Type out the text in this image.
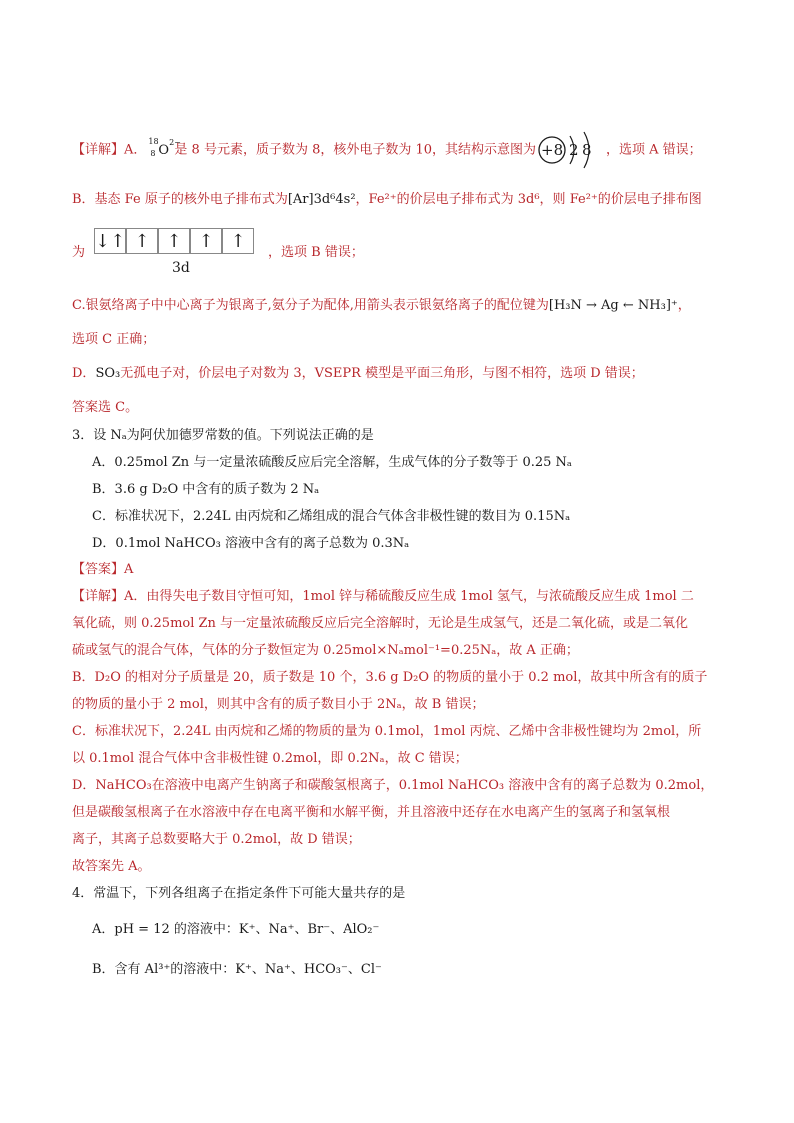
【详解】A．
18
8 O
2−
是 8 号元素，质子数为 8，核外电子数为 10，其结构示意图为 +8 2 8 ，选项 A 错误；
B．基态 Fe 原子的核外电子排布式为[Ar]3d⁶4s²，Fe²⁺的价层电子排布式为 3d⁶，则 Fe²⁺的价层电子排布图
为
↓↑ ↑ ↑ ↑ ↑
3d
，选项 B 错误；
C.银氨络离子中中心离子为银离子,氨分子为配体,用箭头表示银氨络离子的配位键为[H₃N → Ag ← NH₃]⁺，
选项 C 正确；
D．SO₃无孤电子对，价层电子对数为 3，VSEPR 模型是平面三角形，与图不相符，选项 D 错误；
答案选 C。
3．设 Nₐ为阿伏加德罗常数的值。下列说法正确的是
A．0.25mol Zn 与一定量浓硫酸反应后完全溶解，生成气体的分子数等于 0.25 Nₐ
B．3.6 g D₂O 中含有的质子数为 2 Nₐ
C．标准状况下，2.24L 由丙烷和乙烯组成的混合气体含非极性键的数目为 0.15Nₐ
D．0.1mol NaHCO₃ 溶液中含有的离子总数为 0.3Nₐ
【答案】A
【详解】A．由得失电子数目守恒可知，1mol 锌与稀硫酸反应生成 1mol 氢气，与浓硫酸反应生成 1mol 二
氧化硫，则 0.25mol Zn 与一定量浓硫酸反应后完全溶解时，无论是生成氢气，还是二氧化硫，或是二氧化
硫或氢气的混合气体，气体的分子数恒定为 0.25mol×Nₐmol⁻¹=0.25Nₐ，故 A 正确；
B．D₂O 的相对分子质量是 20，质子数是 10 个，3.6 g D₂O 的物质的量小于 0.2 mol，故其中所含有的质子
的物质的量小于 2 mol，则其中含有的质子数目小于 2Nₐ，故 B 错误；
C．标准状况下，2.24L 由丙烷和乙烯的物质的量为 0.1mol，1mol 丙烷、乙烯中含非极性键均为 2mol，所
以 0.1mol 混合气体中含非极性键 0.2mol，即 0.2Nₐ，故 C 错误；
D．NaHCO₃在溶液中电离产生钠离子和碳酸氢根离子，0.1mol NaHCO₃ 溶液中含有的离子总数为 0.2mol，
但是碳酸氢根离子在水溶液中存在电离平衡和水解平衡，并且溶液中还存在水电离产生的氢离子和氢氧根
离子，其离子总数要略大于 0.2mol，故 D 错误；
故答案先 A。
4．常温下，下列各组离子在指定条件下可能大量共存的是
A．pH = 12 的溶液中：K⁺、Na⁺、Br⁻、AlO₂⁻
B．含有 Al³⁺的溶液中：K⁺、Na⁺、HCO₃⁻、Cl⁻
